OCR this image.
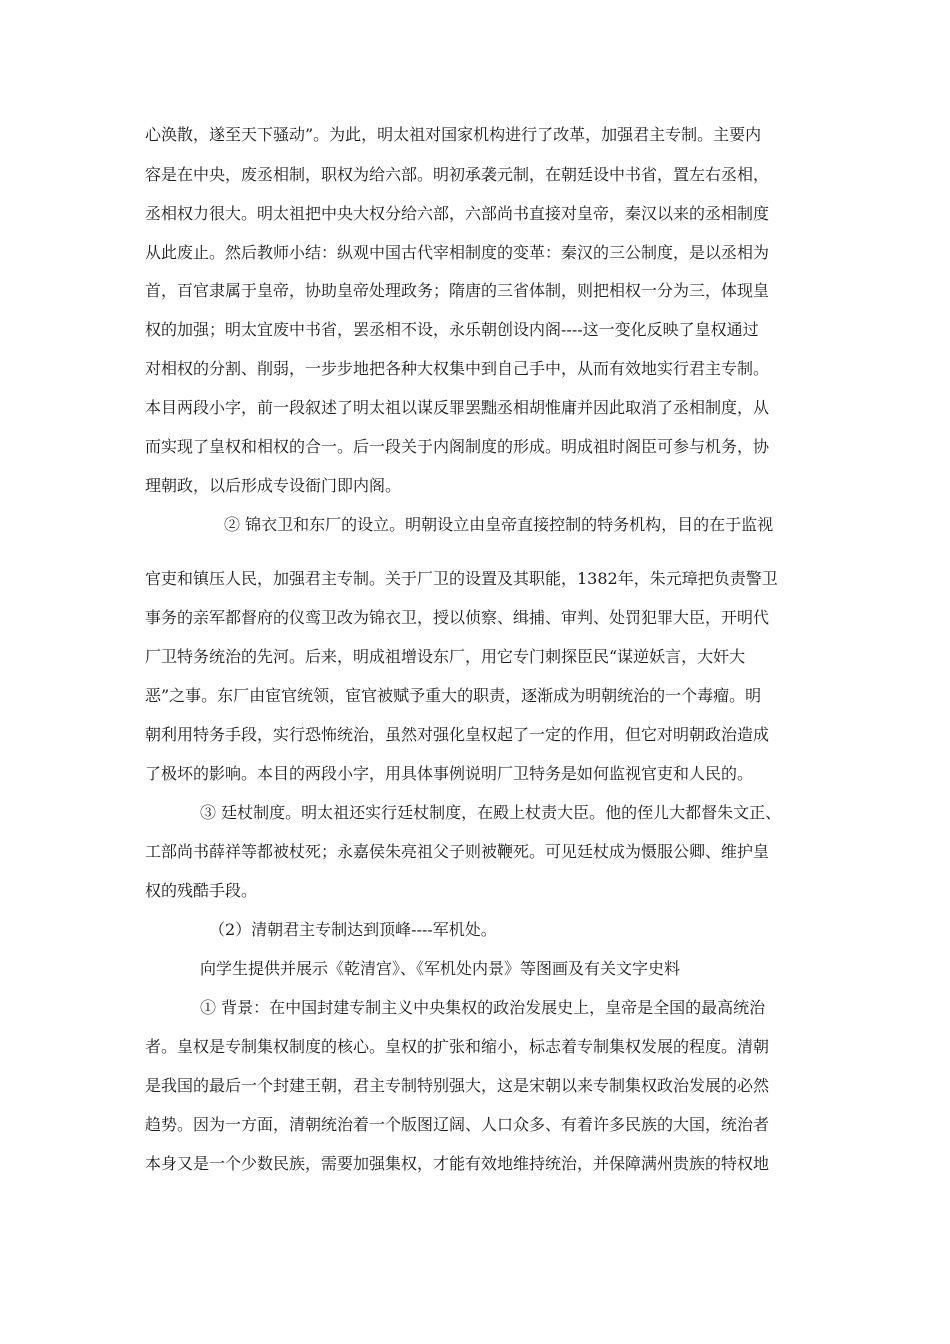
心涣散，遂至天下骚动”。为此，明太祖对国家机构进行了改革，加强君主专制。主要内
容是在中央，废丞相制，职权为给六部。明初承袭元制，在朝廷设中书省，置左右丞相，
丞相权力很大。明太祖把中央大权分给六部，六部尚书直接对皇帝，秦汉以来的丞相制度
从此废止。然后教师小结：纵观中国古代宰相制度的变革：秦汉的三公制度，是以丞相为
首，百官隶属于皇帝，协助皇帝处理政务；隋唐的三省体制，则把相权一分为三，体现皇
权的加强；明太宜废中书省，罢丞相不设，永乐朝创设内阁----这一变化反映了皇权通过
对相权的分割、削弱，一步步地把各种大权集中到自己手中，从而有效地实行君主专制。
本目两段小字，前一段叙述了明太祖以谋反罪罢黜丞相胡惟庸并因此取消了丞相制度，从
而实现了皇权和相权的合一。后一段关于内阁制度的形成。明成祖时阁臣可参与机务，协
理朝政，以后形成专设衙门即内阁。
② 锦衣卫和东厂的设立。明朝设立由皇帝直接控制的特务机构，目的在于监视
官吏和镇压人民，加强君主专制。关于厂卫的设置及其职能，1382年，朱元璋把负责警卫
事务的亲军都督府的仪鸾卫改为锦衣卫，授以侦察、缉捕、审判、处罚犯罪大臣，开明代
厂卫特务统治的先河。后来，明成祖增设东厂，用它专门刺探臣民“谋逆妖言，大奸大
恶”之事。东厂由宦官统领，宦官被赋予重大的职责，逐渐成为明朝统治的一个毒瘤。明
朝利用特务手段，实行恐怖统治，虽然对强化皇权起了一定的作用，但它对明朝政治造成
了极坏的影响。本目的两段小字，用具体事例说明厂卫特务是如何监视官吏和人民的。
③ 廷杖制度。明太祖还实行廷杖制度，在殿上杖责大臣。他的侄儿大都督朱文正、
工部尚书薛祥等都被杖死；永嘉侯朱亮祖父子则被鞭死。可见廷杖成为慑服公卿、维护皇
权的残酷手段。
（2）清朝君主专制达到顶峰----军机处。
向学生提供并展示《乾清宫》、《军机处内景》等图画及有关文字史料
① 背景：在中国封建专制主义中央集权的政治发展史上，皇帝是全国的最高统治
者。皇权是专制集权制度的核心。皇权的扩张和缩小，标志着专制集权发展的程度。清朝
是我国的最后一个封建王朝，君主专制特别强大，这是宋朝以来专制集权政治发展的必然
趋势。因为一方面，清朝统治着一个版图辽阔、人口众多、有着许多民族的大国，统治者
本身又是一个少数民族，需要加强集权，才能有效地维持统治，并保障满州贵族的特权地
